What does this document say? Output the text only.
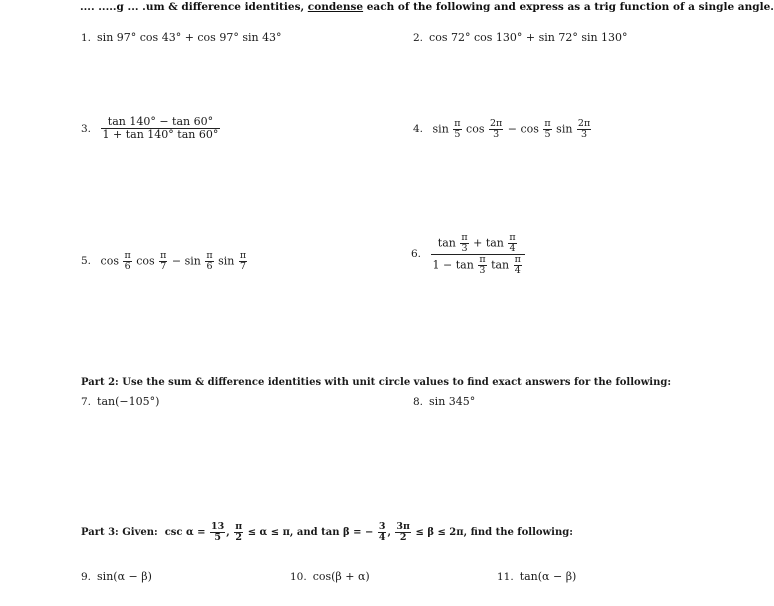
.... .....g ... .um & difference identities, condense each of the following and express as a trig function of a single angle.
1. sin 97° cos 43° + cos 97° sin 43°	2. cos 72° cos 130° + sin 72° sin 130°
3. $\frac{\tan 140^\circ - \tan 60^\circ}{1 + \tan 140^\circ \tan 60^\circ}$	4. $\sin \frac{\pi}{5}$ $\cos \frac{2\pi}{3} - \cos \frac{\pi}{5}$ $\sin \frac{2\pi}{3}$
5. $\cos \frac{\pi}{6}$ $\cos \frac{\pi}{7} - \sin \frac{\pi}{6}$ $\sin \frac{\pi}{7}$	6. $\frac{\tan \frac{\pi}{3} + \tan \frac{\pi}{4}}{1 - \tan \frac{\pi}{3} \tan \frac{\pi}{4}}$
Part 2: Use the sum & difference identities with unit circle values to find exact answers for the following:
7. tan(−105°)	8. sin 345°
Part 3: Given: $\csc \alpha = \frac{13}{5}$ , $\frac{\pi}{2} \le \alpha \le \pi$, and tan β = − $\frac{3}{4}$ , $\frac{3\pi}{2} \le \beta \le 2\pi$, find the following:
9. sin(α − β)	10. cos(β + α)	11. tan(α − β)
